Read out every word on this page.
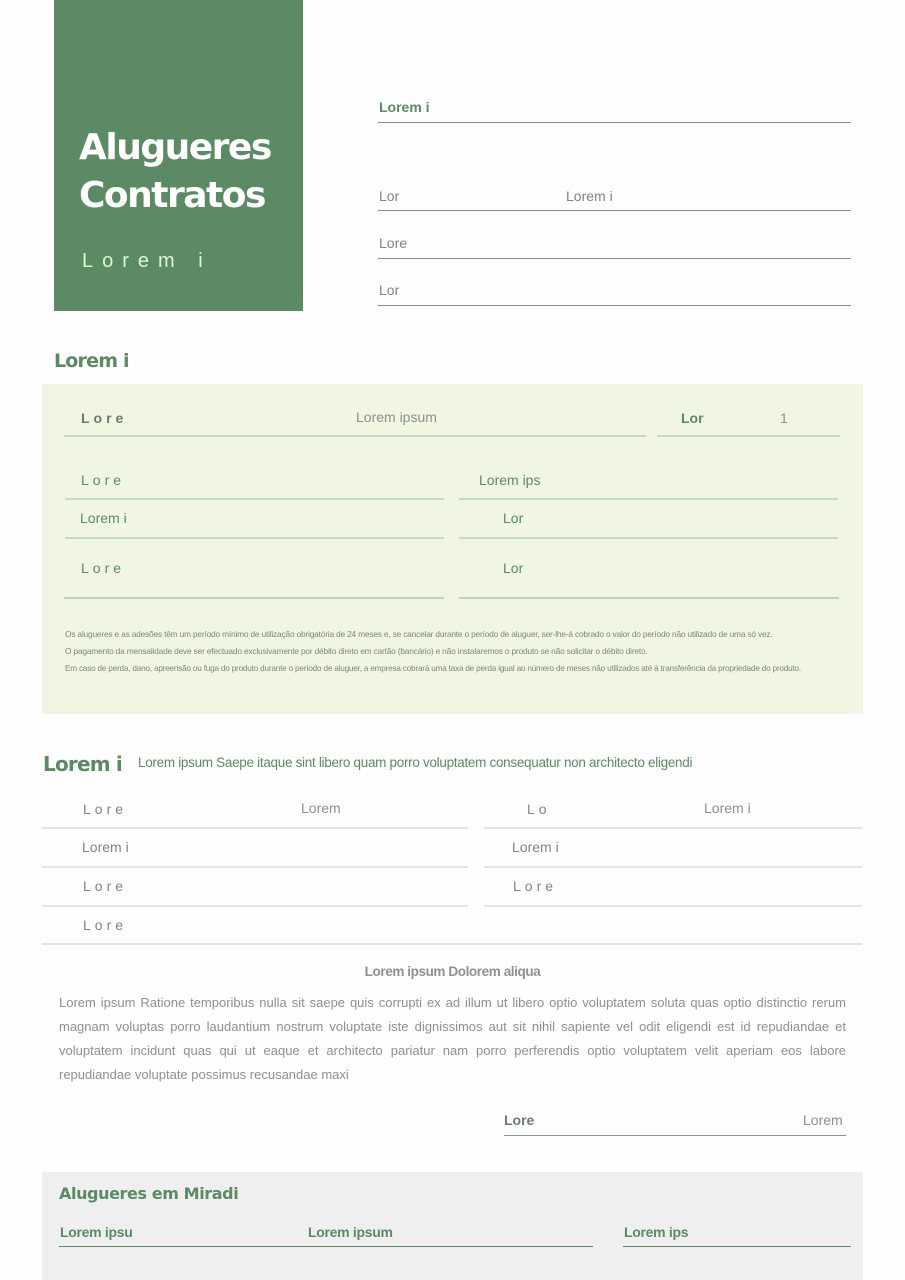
Alugueres
Contratos
Lorem i
Lorem i
Lor	Lorem i
Lore
Lor
Lorem i
Lore	Lorem ipsum	Lor	1
Lore	Lorem ips
Lorem i	Lor
Lore	Lor
Os alugueres e as adesões têm um período mínimo de utilização obrigatória de 24 meses e, se cancelar durante o período de aluguer, ser-lhe-á cobrado o valor do período não utilizado de uma só vez.
O pagamento da mensalidade deve ser efectuado exclusivamente por débito direto em cartão (bancário) e não instalaremos o produto se não solicitar o débito direto.
Em caso de perda, dano, apreensão ou fuga do produto durante o período de aluguer, a empresa cobrará uma taxa de perda igual ao número de meses não utilizados até à transferência da propriedade do produto.
Lorem i Lorem ipsum Saepe itaque sint libero quam porro voluptatem consequatur non architecto eligendi
Lore	Lorem	Lo	Lorem i
Lorem i	Lorem i
Lore	Lore
Lore
Lorem ipsum Dolorem aliqua
Lorem ipsum Ratione temporibus nulla sit saepe quis corrupti ex ad illum ut libero optio voluptatem soluta quas optio distinctio rerum magnam voluptas porro laudantium nostrum voluptate iste dignissimos aut sit nihil sapiente vel odit eligendi est id repudiandae et voluptatem incidunt quas qui ut eaque et architecto pariatur nam porro perferendis optio voluptatem velit aperiam eos labore repudiandae voluptate possimus recusandae maxi
Lore	Lorem
Alugueres em Miradi
Lorem ipsu	Lorem ipsum	Lorem ips
